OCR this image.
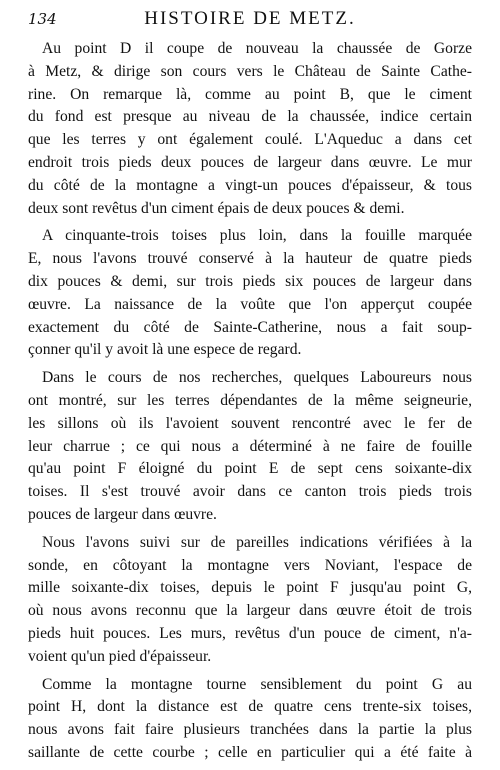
134	HISTOIRE DE METZ.
Au point D il coupe de nouveau la chaussée de Gorze
à Metz, & dirige son cours vers le Château de Sainte Cathe-
rine. On remarque là, comme au point B, que le ciment
du fond est presque au niveau de la chaussée, indice certain
que les terres y ont également coulé. L'Aqueduc a dans cet
endroit trois pieds deux pouces de largeur dans œuvre. Le mur
du côté de la montagne a vingt-un pouces d'épaisseur, & tous
deux sont revêtus d'un ciment épais de deux pouces & demi.
A cinquante-trois toises plus loin, dans la fouille marquée
E, nous l'avons trouvé conservé à la hauteur de quatre pieds
dix pouces & demi, sur trois pieds six pouces de largeur dans
œuvre. La naissance de la voûte que l'on apperçut coupée
exactement du côté de Sainte-Catherine, nous a fait soup-
çonner qu'il y avoit là une espece de regard.
Dans le cours de nos recherches, quelques Laboureurs nous
ont montré, sur les terres dépendantes de la même seigneurie,
les sillons où ils l'avoient souvent rencontré avec le fer de
leur charrue ; ce qui nous a déterminé à ne faire de fouille
qu'au point F éloigné du point E de sept cens soixante-dix
toises. Il s'est trouvé avoir dans ce canton trois pieds trois
pouces de largeur dans œuvre.
Nous l'avons suivi sur de pareilles indications vérifiées à la
sonde, en côtoyant la montagne vers Noviant, l'espace de
mille soixante-dix toises, depuis le point F jusqu'au point G,
où nous avons reconnu que la largeur dans œuvre étoit de trois
pieds huit pouces. Les murs, revêtus d'un pouce de ciment, n'a-
voient qu'un pied d'épaisseur.
Comme la montagne tourne sensiblement du point G au
point H, dont la distance est de quatre cens trente-six toises,
nous avons fait faire plusieurs tranchées dans la partie la plus
saillante de cette courbe ; celle en particulier qui a été faite à
